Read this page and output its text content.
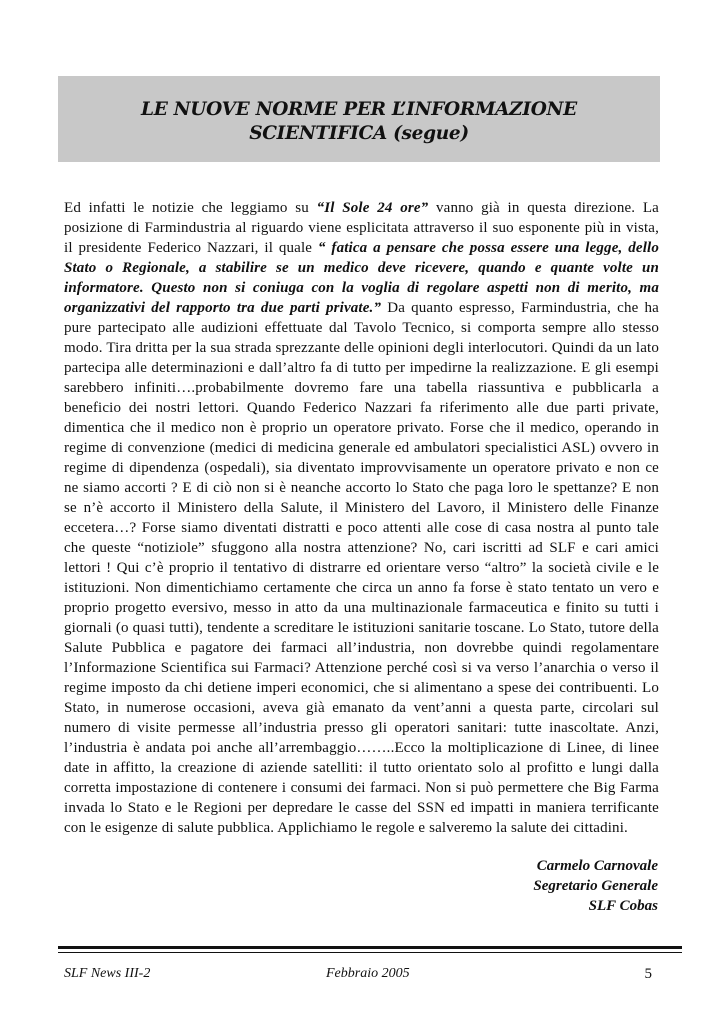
LE NUOVE NORME PER L’INFORMAZIONE
SCIENTIFICA (segue)
Ed infatti le notizie che leggiamo su “Il Sole 24 ore” vanno già in questa direzione. La posizione di Farmindustria al riguardo viene esplicitata attraverso il suo esponente più in vista, il presidente Federico Nazzari, il quale “ fatica a pensare che possa essere una legge, dello Stato o Regionale, a stabilire se un medico deve ricevere, quando e quante volte un informatore. Questo non si coniuga con la voglia di regolare aspetti non di merito, ma organizzativi del rapporto tra due parti private.” Da quanto espresso, Farmindustria, che ha pure partecipato alle audizioni effettuate dal Tavolo Tecnico, si comporta sempre allo stesso modo. Tira dritta per la sua strada sprezzante delle opinioni degli interlocutori. Quindi da un lato partecipa alle determinazioni e dall’altro fa di tutto per impedirne la realizzazione. E gli esempi sarebbero infiniti….probabilmente dovremo fare una tabella riassuntiva e pubblicarla a beneficio dei nostri lettori. Quando Federico Nazzari fa riferimento alle due parti private, dimentica che il medico non è proprio un operatore privato. Forse che il medico, operando in regime di convenzione (medici di medicina generale ed ambulatori specialistici ASL) ovvero in regime di dipendenza (ospedali), sia diventato improvvisamente un operatore privato e non ce ne siamo accorti ? E di ciò non si è neanche accorto lo Stato che paga loro le spettanze? E non se n’è accorto il Ministero della Salute, il Ministero del Lavoro, il Ministero delle Finanze eccetera…? Forse siamo diventati distratti e poco attenti alle cose di casa nostra al punto tale che queste “notiziole” sfuggono alla nostra attenzione? No, cari iscritti ad SLF e cari amici lettori ! Qui c’è proprio il tentativo di distrarre ed orientare verso “altro” la società civile e le istituzioni. Non dimentichiamo certamente che circa un anno fa forse è stato tentato un vero e proprio progetto eversivo, messo in atto da una multinazionale farmaceutica e finito su tutti i giornali (o quasi tutti), tendente a screditare le istituzioni sanitarie toscane. Lo Stato, tutore della Salute Pubblica e pagatore dei farmaci all’industria, non dovrebbe quindi regolamentare l’Informazione Scientifica sui Farmaci? Attenzione perché così si va verso l’anarchia o verso il regime imposto da chi detiene imperi economici, che si alimentano a spese dei contribuenti. Lo Stato, in numerose occasioni, aveva già emanato da vent’anni a questa parte, circolari sul numero di visite permesse all’industria presso gli operatori sanitari: tutte inascoltate. Anzi, l’industria è andata poi anche all’arrembaggio……..Ecco la moltiplicazione di Linee, di linee date in affitto, la creazione di aziende satelliti: il tutto orientato solo al profitto e lungi dalla corretta impostazione di contenere i consumi dei farmaci. Non si può permettere che Big Farma invada lo Stato e le Regioni per depredare le casse del SSN ed impatti in maniera terrificante con le esigenze di salute pubblica. Applichiamo le regole e salveremo la salute dei cittadini.
Carmelo Carnovale
Segretario Generale
SLF Cobas
SLF News III-2	Febbraio 2005	5
